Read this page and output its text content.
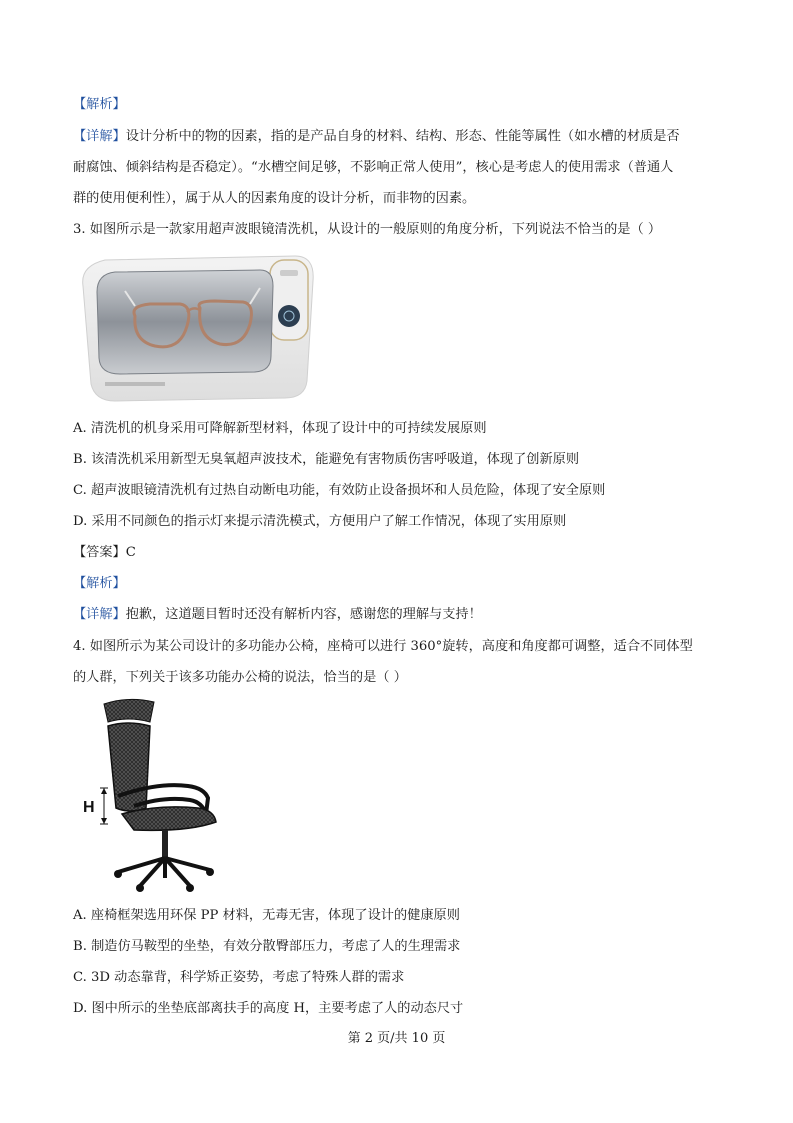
【解析】
【详解】设计分析中的物的因素，指的是产品自身的材料、结构、形态、性能等属性（如水槽的材质是否
耐腐蚀、倾斜结构是否稳定）。“水槽空间足够，不影响正常人使用”，核心是考虑人的使用需求（普通人
群的使用便利性），属于从人的因素角度的设计分析，而非物的因素。
3. 如图所示是一款家用超声波眼镜清洗机，从设计的一般原则的角度分析，下列说法不恰当的是（ ）
A. 清洗机的机身采用可降解新型材料，体现了设计中的可持续发展原则
B. 该清洗机采用新型无臭氧超声波技术，能避免有害物质伤害呼吸道，体现了创新原则
C. 超声波眼镜清洗机有过热自动断电功能，有效防止设备损坏和人员危险，体现了安全原则
D. 采用不同颜色的指示灯来提示清洗模式，方便用户了解工作情况，体现了实用原则
【答案】C
【解析】
【详解】抱歉，这道题目暂时还没有解析内容，感谢您的理解与支持！
4. 如图所示为某公司设计的多功能办公椅，座椅可以进行 360°旋转，高度和角度都可调整，适合不同体型
的人群，下列关于该多功能办公椅的说法，恰当的是（ ）
H
A. 座椅框架选用环保 PP 材料，无毒无害，体现了设计的健康原则
B. 制造仿马鞍型的坐垫，有效分散臀部压力，考虑了人的生理需求
C. 3D 动态靠背，科学矫正姿势，考虑了特殊人群的需求
D. 图中所示的坐垫底部离扶手的高度 H，主要考虑了人的动态尺寸
第 2 页/共 10 页
